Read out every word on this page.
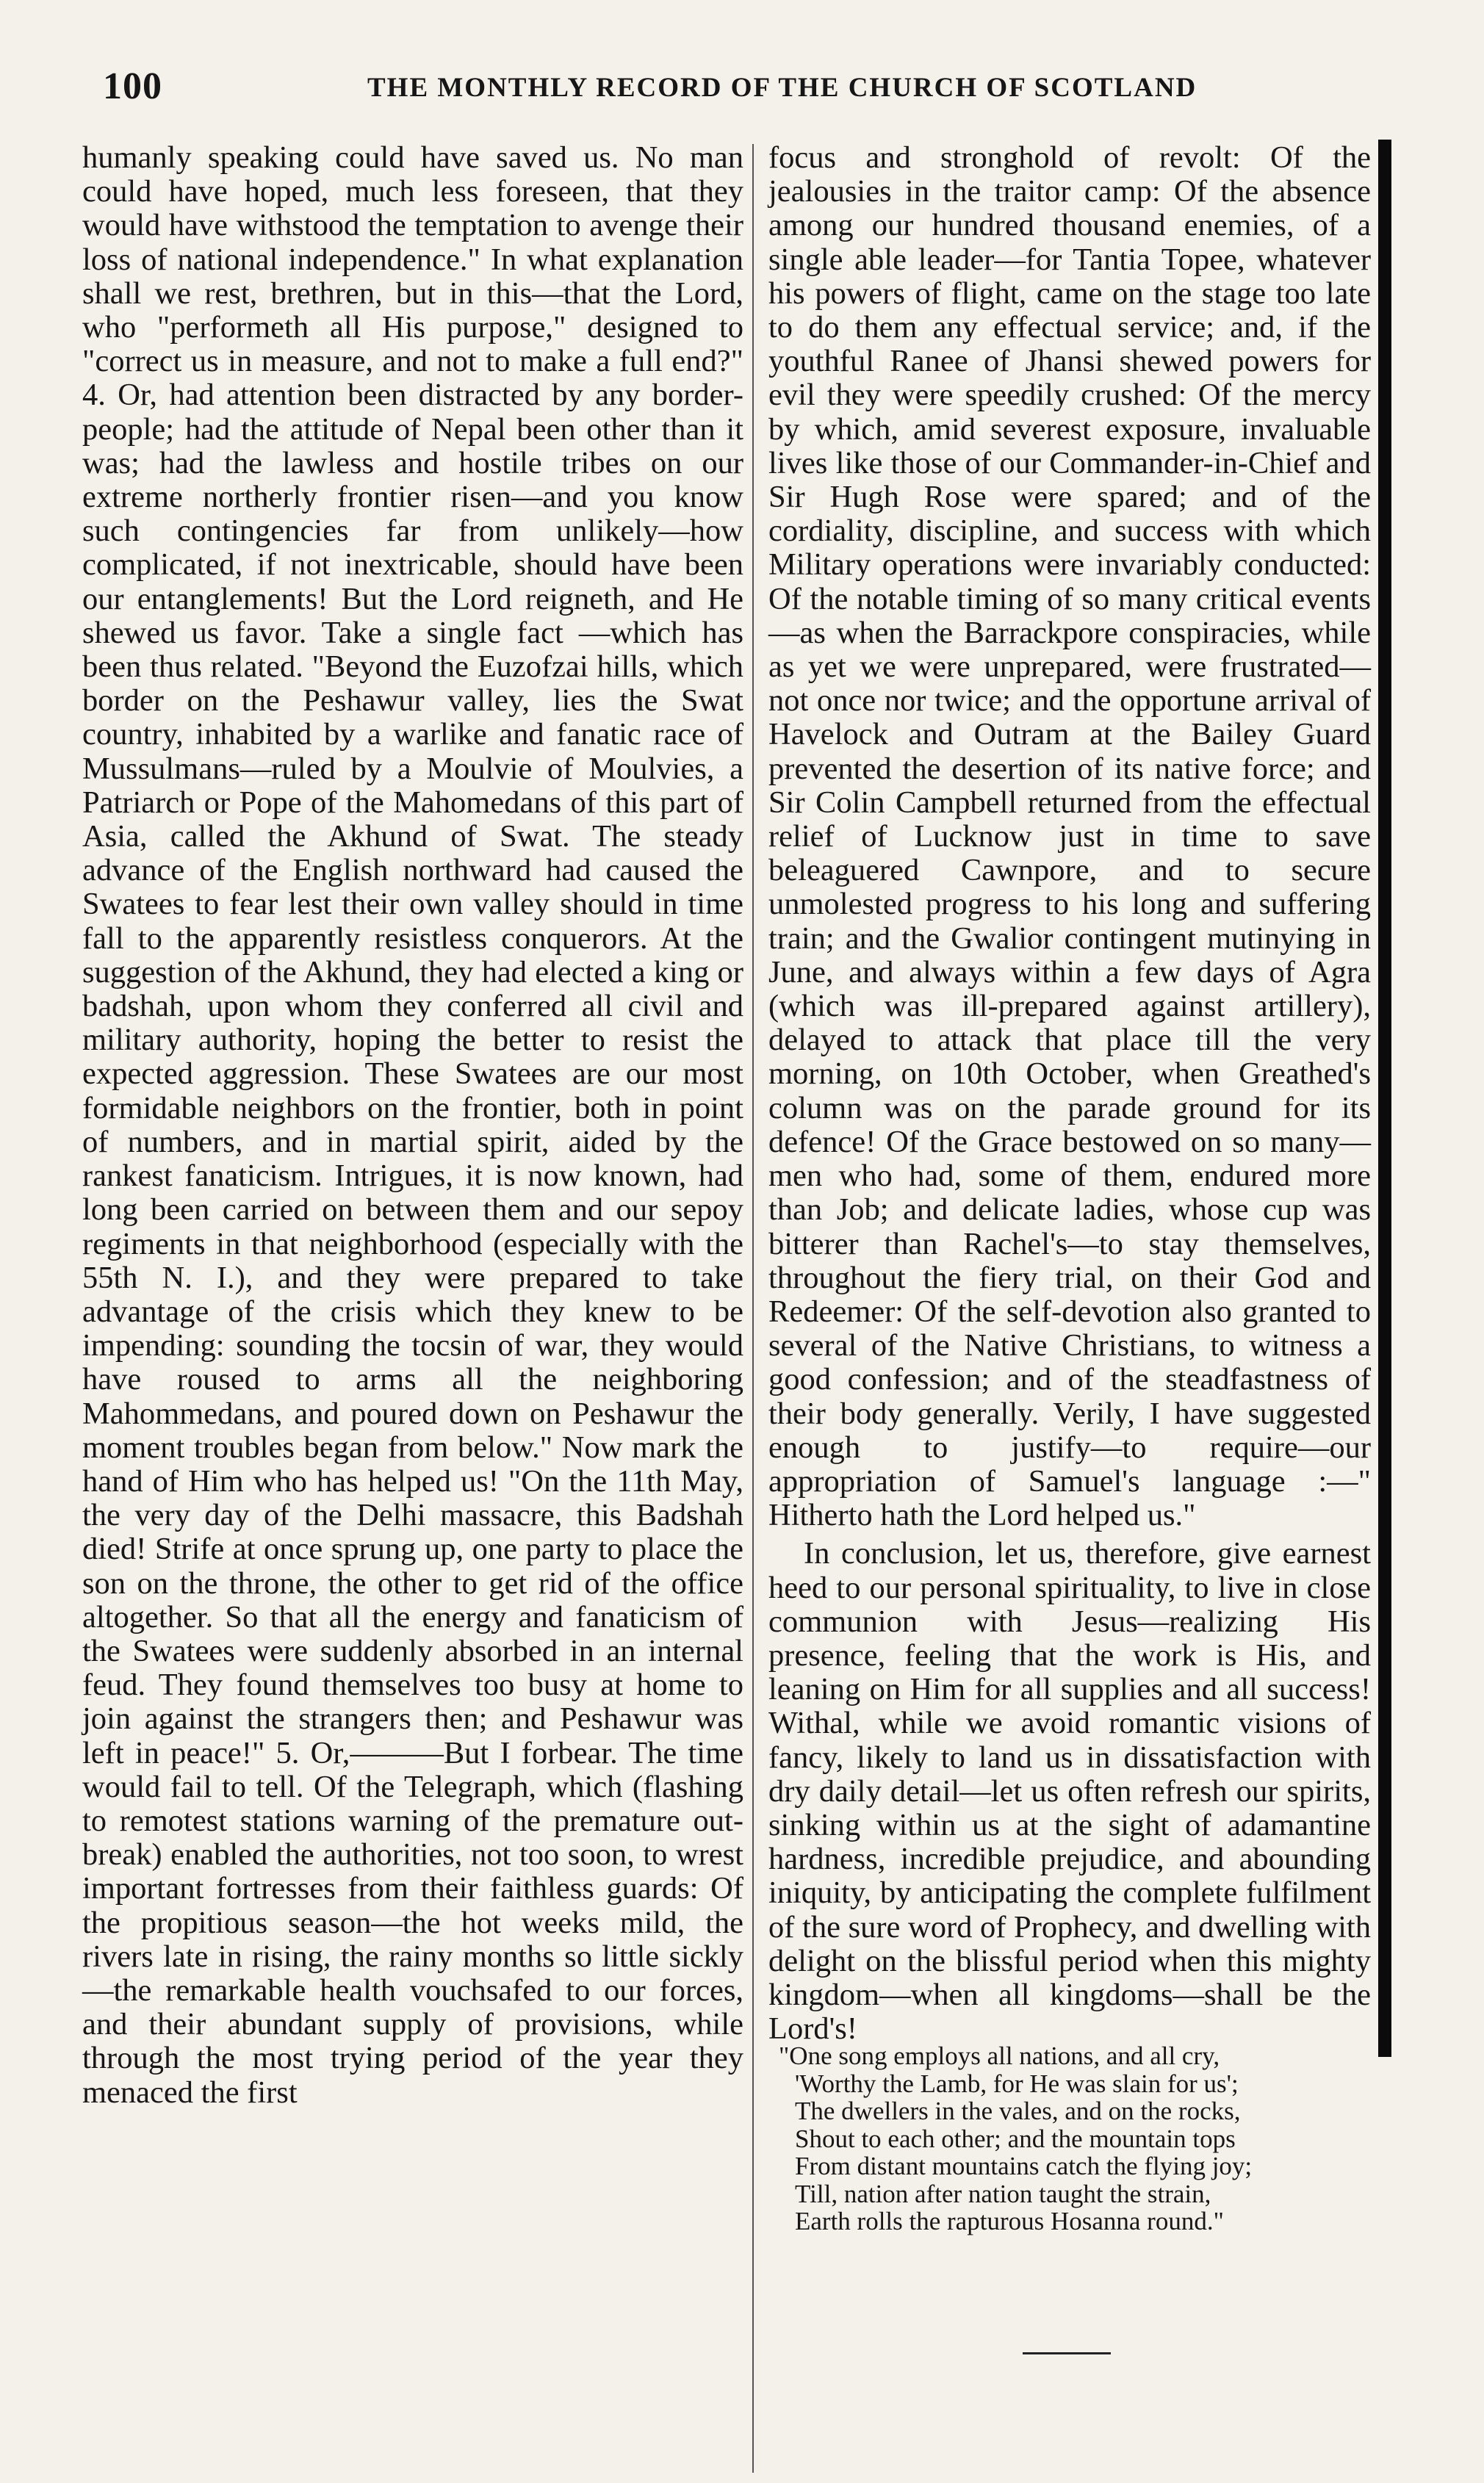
100	THE MONTHLY RECORD OF THE CHURCH OF SCOTLAND

humanly speaking could have saved us. No man could have hoped, much less foreseen, that they would have withstood the temptation to avenge their loss of national independence." In what explanation shall we rest, brethren, but in this—that the Lord, who "performeth all His purpose," designed to "correct us in measure, and not to make a full end?" 4. Or, had attention been distracted by any border-people; had the attitude of Nepal been other than it was; had the lawless and hostile tribes on our extreme northerly frontier risen—and you know such contingencies far from unlikely—how complicated, if not inextricable, should have been our entanglements! But the Lord reigneth, and He shewed us favor. Take a single fact —which has been thus related. "Beyond the Euzofzai hills, which border on the Peshawur valley, lies the Swat country, inhabited by a warlike and fanatic race of Mussulmans—ruled by a Moulvie of Moulvies, a Patriarch or Pope of the Mahomedans of this part of Asia, called the Akhund of Swat. The steady advance of the English northward had caused the Swatees to fear lest their own valley should in time fall to the apparently resistless conquerors. At the suggestion of the Akhund, they had elected a king or badshah, upon whom they conferred all civil and military authority, hoping the better to resist the expected aggression. These Swatees are our most formidable neighbors on the frontier, both in point of numbers, and in martial spirit, aided by the rankest fanaticism. Intrigues, it is now known, had long been carried on between them and our sepoy regiments in that neighborhood (especially with the 55th N. I.), and they were prepared to take advantage of the crisis which they knew to be impending: sounding the tocsin of war, they would have roused to arms all the neighboring Mahommedans, and poured down on Peshawur the moment troubles began from below." Now mark the hand of Him who has helped us! "On the 11th May, the very day of the Delhi massacre, this Badshah died! Strife at once sprung up, one party to place the son on the throne, the other to get rid of the office altogether. So that all the energy and fanaticism of the Swatees were suddenly absorbed in an internal feud. They found themselves too busy at home to join against the strangers then; and Peshawur was left in peace!" 5. Or,———But I forbear. The time would fail to tell. Of the Telegraph, which (flashing to remotest stations warning of the premature out-break) enabled the authorities, not too soon, to wrest important fortresses from their faithless guards: Of the propitious season—the hot weeks mild, the rivers late in rising, the rainy months so little sickly—the remarkable health vouchsafed to our forces, and their abundant supply of provisions, while through the most trying period of the year they menaced the first

focus and stronghold of revolt: Of the jealousies in the traitor camp: Of the absence among our hundred thousand enemies, of a single able leader—for Tantia Topee, whatever his powers of flight, came on the stage too late to do them any effectual service; and, if the youthful Ranee of Jhansi shewed powers for evil they were speedily crushed: Of the mercy by which, amid severest exposure, invaluable lives like those of our Commander-in-Chief and Sir Hugh Rose were spared; and of the cordiality, discipline, and success with which Military operations were invariably conducted: Of the notable timing of so many critical events—as when the Barrackpore conspiracies, while as yet we were unprepared, were frustrated—not once nor twice; and the opportune arrival of Havelock and Outram at the Bailey Guard prevented the desertion of its native force; and Sir Colin Campbell returned from the effectual relief of Lucknow just in time to save beleaguered Cawnpore, and to secure unmolested progress to his long and suffering train; and the Gwalior contingent mutinying in June, and always within a few days of Agra (which was ill-prepared against artillery), delayed to attack that place till the very morning, on 10th October, when Greathed's column was on the parade ground for its defence! Of the Grace bestowed on so many—men who had, some of them, endured more than Job; and delicate ladies, whose cup was bitterer than Rachel's—to stay themselves, throughout the fiery trial, on their God and Redeemer: Of the self-devotion also granted to several of the Native Christians, to witness a good confession; and of the steadfastness of their body generally. Verily, I have suggested enough to justify—to require—our appropriation of Samuel's language :—" Hitherto hath the Lord helped us."

In conclusion, let us, therefore, give earnest heed to our personal spirituality, to live in close communion with Jesus—realizing His presence, feeling that the work is His, and leaning on Him for all supplies and all success! Withal, while we avoid romantic visions of fancy, likely to land us in dissatisfaction with dry daily detail—let us often refresh our spirits, sinking within us at the sight of adamantine hardness, incredible prejudice, and abounding iniquity, by anticipating the complete fulfilment of the sure word of Prophecy, and dwelling with delight on the blissful period when this mighty kingdom—when all kingdoms—shall be the Lord's!

"One song employs all nations, and all cry,
'Worthy the Lamb, for He was slain for us';
The dwellers in the vales, and on the rocks,
Shout to each other; and the mountain tops
From distant mountains catch the flying joy;
Till, nation after nation taught the strain,
Earth rolls the rapturous Hosanna round."
